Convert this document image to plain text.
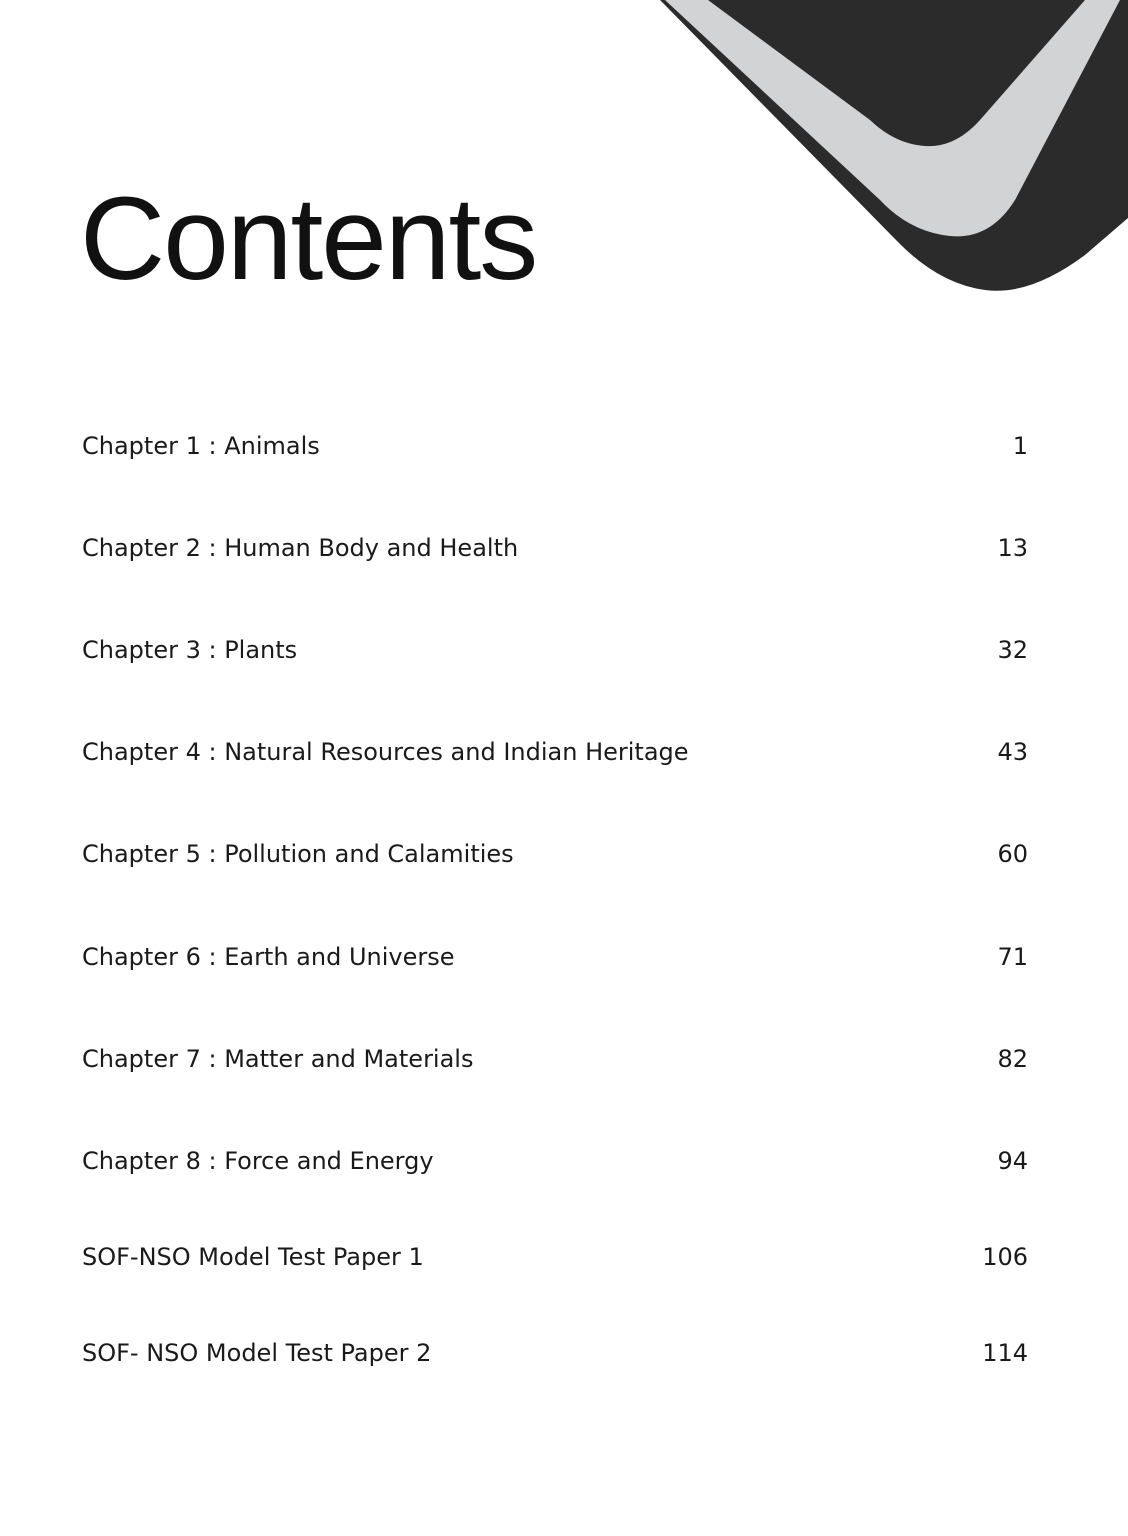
Contents
Chapter 1 : Animals	1
Chapter 2 : Human Body and Health	13
Chapter 3 : Plants	32
Chapter 4 : Natural Resources and Indian Heritage	43
Chapter 5 : Pollution and Calamities	60
Chapter 6 : Earth and Universe	71
Chapter 7 : Matter and Materials	82
Chapter 8 : Force and Energy	94
SOF-NSO Model Test Paper 1	106
SOF- NSO Model Test Paper 2	114
